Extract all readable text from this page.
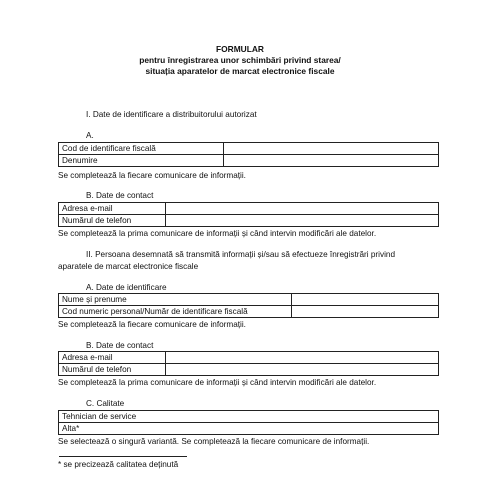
FORMULAR
pentru înregistrarea unor schimbări privind starea/
situația aparatelor de marcat electronice fiscale
I. Date de identificare a distribuitorului autorizat
A.
Cod de identificare fiscală	
Denumire	
Se completează la fiecare comunicare de informații.
B. Date de contact
Adresa e-mail	
Numărul de telefon	
Se completează la prima comunicare de informații și când intervin modificări ale datelor.
II. Persoana desemnată să transmită informații și/sau să efectueze înregistrări privind
aparatele de marcat electronice fiscale
A. Date de identificare
Nume și prenume	
Cod numeric personal/Număr de identificare fiscală	
Se completează la fiecare comunicare de informații.
B. Date de contact
Adresa e-mail	
Numărul de telefon	
Se completează la prima comunicare de informații și când intervin modificări ale datelor.
C. Calitate
Tehnician de service
Alta*
Se selectează o singură variantă. Se completează la fiecare comunicare de informații.
* se precizează calitatea deținută
